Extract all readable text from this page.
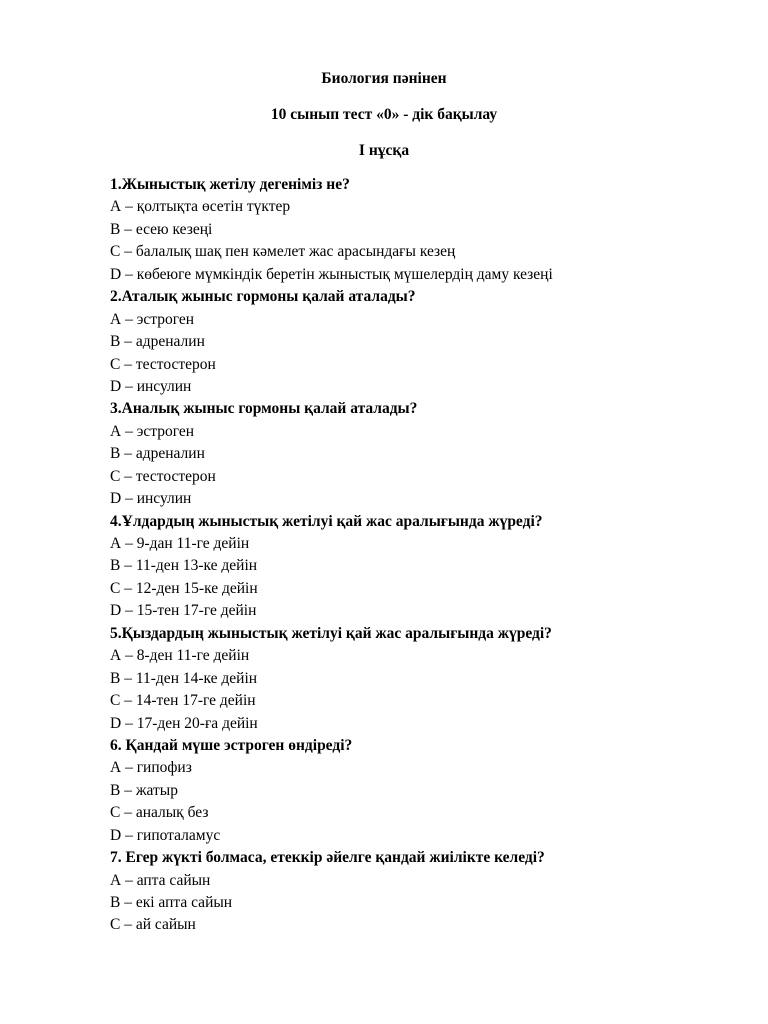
Биология пәнінен
10 сынып тест «0» - дік бақылау
І нұсқа
1.Жыныстық жетілу дегеніміз не?
А – қолтықта өсетін түктер
В – есею кезеңі
С – балалық шақ пен кәмелет жас арасындағы кезең
D – көбеюге мүмкіндік беретін жыныстық мүшелердің даму кезеңі
2.Аталық жыныс гормоны қалай аталады?
А – эстроген
В – адреналин
С – тестостерон
D – инсулин
3.Аналық жыныс гормоны қалай аталады?
А – эстроген
В – адреналин
С – тестостерон
D – инсулин
4.Ұлдардың жыныстық жетілуі қай жас аралығында жүреді?
А – 9-дан 11-ге дейін
В – 11-ден 13-ке дейін
С – 12-ден 15-ке дейін
D – 15-тен 17-ге дейін
5.Қыздардың жыныстық жетілуі қай жас аралығында жүреді?
А – 8-ден 11-ге дейін
В – 11-ден 14-ке дейін
С – 14-тен 17-ге дейін
D – 17-ден 20-ға дейін
6. Қандай мүше эстроген өндіреді?
А – гипофиз
В – жатыр
С – аналық без
D – гипоталамус
7. Егер жүкті болмаса, етеккір әйелге қандай жиілікте келеді?
А – апта сайын
В – екі апта сайын
С – ай сайын
